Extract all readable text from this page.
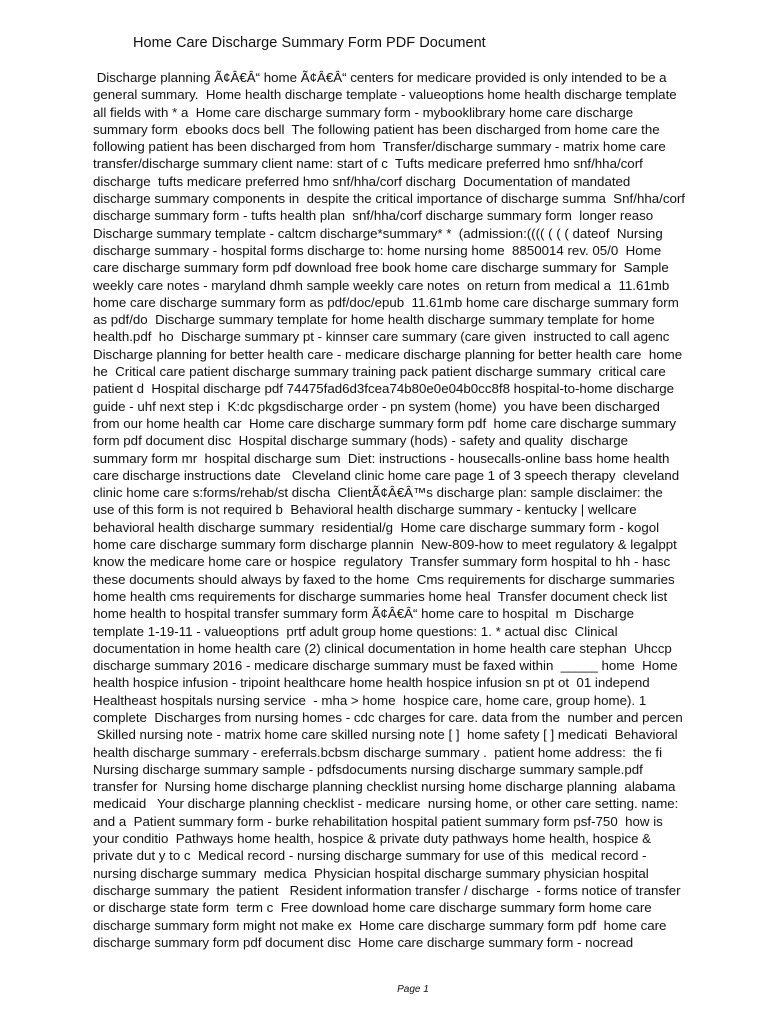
Home Care Discharge Summary Form PDF Document
Discharge planning Ã¢Â€Â“ home Ã¢Â€Â“ centers for medicare provided is only intended to be a
general summary.  Home health discharge template - valueoptions home health discharge template
all fields with * a  Home care discharge summary form - mybooklibrary home care discharge
summary form  ebooks docs bell  The following patient has been discharged from home care the
following patient has been discharged from hom  Transfer/discharge summary - matrix home care
transfer/discharge summary client name: start of c  Tufts medicare preferred hmo snf/hha/corf
discharge  tufts medicare preferred hmo snf/hha/corf discharg  Documentation of mandated
discharge summary components in  despite the critical importance of discharge summa  Snf/hha/corf
discharge summary form - tufts health plan  snf/hha/corf discharge summary form  longer reaso
Discharge summary template - caltcm discharge*summary* *  (admission:(((( ( ( ( dateof  Nursing
discharge summary - hospital forms discharge to: home nursing home  8850014 rev. 05/0  Home
care discharge summary form pdf download free book home care discharge summary for  Sample
weekly care notes - maryland dhmh sample weekly care notes  on return from medical a  11.61mb
home care discharge summary form as pdf/doc/epub  11.61mb home care discharge summary form
as pdf/do  Discharge summary template for home health discharge summary template for home
health.pdf  ho  Discharge summary pt - kinnser care summary (care given  instructed to call agenc
Discharge planning for better health care - medicare discharge planning for better health care  home
he  Critical care patient discharge summary training pack patient discharge summary  critical care
patient d  Hospital discharge pdf 74475fad6d3fcea74b80e0e04b0cc8f8 hospital-to-home discharge
guide - uhf next step i  K:dc pkgsdischarge order - pn system (home)  you have been discharged
from our home health car  Home care discharge summary form pdf  home care discharge summary
form pdf document disc  Hospital discharge summary (hods) - safety and quality  discharge
summary form mr  hospital discharge sum  Diet: instructions - housecalls-online bass home health
care discharge instructions date   Cleveland clinic home care page 1 of 3 speech therapy  cleveland
clinic home care s:forms/rehab/st discha  ClientÃ¢Â€Â™s discharge plan: sample disclaimer: the
use of this form is not required b  Behavioral health discharge summary - kentucky | wellcare
behavioral health discharge summary  residential/g  Home care discharge summary form - kogol
home care discharge summary form discharge plannin  New-809-how to meet regulatory & legalppt
know the medicare home care or hospice  regulatory  Transfer summary form hospital to hh - hasc
these documents should always by faxed to the home  Cms requirements for discharge summaries
home health cms requirements for discharge summaries home heal  Transfer document check list
home health to hospital transfer summary form Ã¢Â€Â“ home care to hospital  m  Discharge
template 1-19-11 - valueoptions  prtf adult group home questions: 1. * actual disc  Clinical
documentation in home health care (2) clinical documentation in home health care stephan  Uhccp
discharge summary 2016 - medicare discharge summary must be faxed within  _____ home  Home
health hospice infusion - tripoint healthcare home health hospice infusion sn pt ot  01 independ
Healtheast hospitals nursing service  - mha > home  hospice care, home care, group home). 1
complete  Discharges from nursing homes - cdc charges for care. data from the  number and percen
Skilled nursing note - matrix home care skilled nursing note [ ]  home safety [ ] medicati  Behavioral
health discharge summary - ereferrals.bcbsm discharge summary .  patient home address:  the fi
Nursing discharge summary sample - pdfsdocuments nursing discharge summary sample.pdf
transfer for  Nursing home discharge planning checklist nursing home discharge planning  alabama
medicaid   Your discharge planning checklist - medicare  nursing home, or other care setting. name:
and a  Patient summary form - burke rehabilitation hospital patient summary form psf-750  how is
your conditio  Pathways home health, hospice & private duty pathways home health, hospice &
private dut y to c  Medical record - nursing discharge summary for use of this  medical record -
nursing discharge summary  medica  Physician hospital discharge summary physician hospital
discharge summary  the patient   Resident information transfer / discharge  - forms notice of transfer
or discharge state form  term c  Free download home care discharge summary form home care
discharge summary form might not make ex  Home care discharge summary form pdf  home care
discharge summary form pdf document disc  Home care discharge summary form - nocread
Page 1
